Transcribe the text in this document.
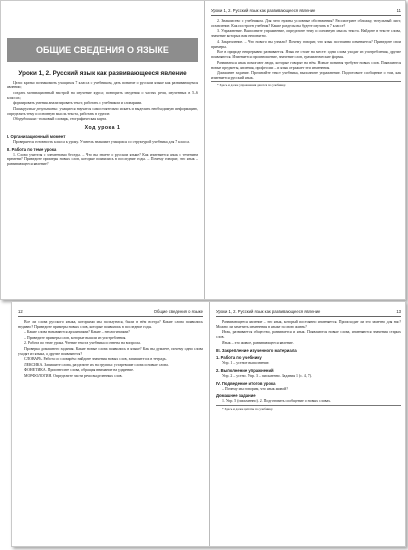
ОБЩИЕ СВЕДЕНИЯ О ЯЗЫКЕ
Уроки 1, 2. Русский язык как развивающееся явление

Цели: кратко познакомить учащихся 7 класса с учебником, дать понятие о русском языке как развивающемся явлении;

создать мотивационный настрой на изучение курса; повторить сведения о частях речи, изученных в 5–6 классах;

формировать умения анализировать текст, работать с учебником и словарями.

Планируемые результаты: учащиеся научатся самостоятельно искать и выделять необходимую информацию, определять тему и основную мысль текста, работать в группе.

Оборудование: толковый словарь, географическая карта.

Ход урока 1
I. Организационный момент

Проверяется готовность класса к уроку. Учитель знакомит учащихся со структурой учебника для 7 класса.

II. Работа по теме урока

1. Слово учителя с элементами беседы. – Что вы знаете о русском языке? Как изменяется язык с течением времени? Приведите примеры новых слов, которые появились в последние годы. – Почему говорят, что язык – развивающееся явление?

Уроки 1, 2. Русский язык как развивающееся явление	11

2. Знакомство с учебником. Для чего нужны условные обозначения? Рассмотрите обложку, титульный лист, оглавление. Как построен учебник? Какие разделы вы будете изучать в 7 классе?

3. Упражнение. Выполните упражнение, определите тему и основную мысль текста. Найдите в тексте слова, значение которых вам непонятно.

4. Закрепление. – Что нового вы узнали? Почему говорят, что язык постоянно изменяется? Приведите свои примеры.

Все в природе непрерывно развивается. Язык не стоит на месте: одни слова уходят из употребления, другие появляются. Изменяется произношение, значение слов, грамматические формы.

Развиваться язык помогают люди, которые говорят на нём. Новые понятия требуют новых слов. Появляются новые предметы, явления, профессии – и язык отражает эти изменения.

Домашнее задание. Прочитайте текст учебника, выполните упражнение. Подготовьте сообщение о том, как изменяется русский язык.

* Здесь и далее упражнения даются по учебнику.

12	Общие сведения о языке

Все ли слова русского языка, которыми мы пользуемся, были в нём всегда? Какие слова появились недавно? Приведите примеры новых слов, которые появились в последние годы.

– Какие слова называются архаизмами? Какие – неологизмами?

– Приведите примеры слов, которые вышли из употребления.

2. Работа по теме урока. Чтение текста учебника и ответы на вопросы.

Проверка домашнего задания. Какие новые слова появились в языке? Как вы думаете, почему одни слова уходят из языка, а другие появляются?

СЛОВАРЬ. Работа со словарём: найдите значения новых слов, запишите их в тетрадь.

ЛЕКСИКА. Запишите слова, разделите их на группы: устаревшие слова и новые слова.

ФОНЕТИКА. Произнесите слова, обращая внимание на ударение.

МОРФОЛОГИЯ. Определите части речи выделенных слов.

Уроки 1, 2. Русский язык как развивающееся явление	13

Развивающееся явление – это язык, который постоянно изменяется. Происходит ли это заметно для нас? Можно ли заметить изменения в языке за свою жизнь?

Итак, развивается общество, развивается и язык. Появляются новые слова, изменяются значения старых слов.

Язык – это живое, развивающееся явление.

III. Закрепление изученного материала
1. Работа по учебнику

Упр. 1 – устное выполнение.

2. Выполнение упражнений

Упр. 2 – устно. Упр. 3 – письменно. Задания 1 (с. 4, 7).

IV. Подведение итогов урока

– Почему мы говорим, что язык живой?

Домашнее задание

1. Упр. 5 (письменно). 2. Подготовить сообщение о новых словах.

* Здесь и далее цитаты по учебнику.
